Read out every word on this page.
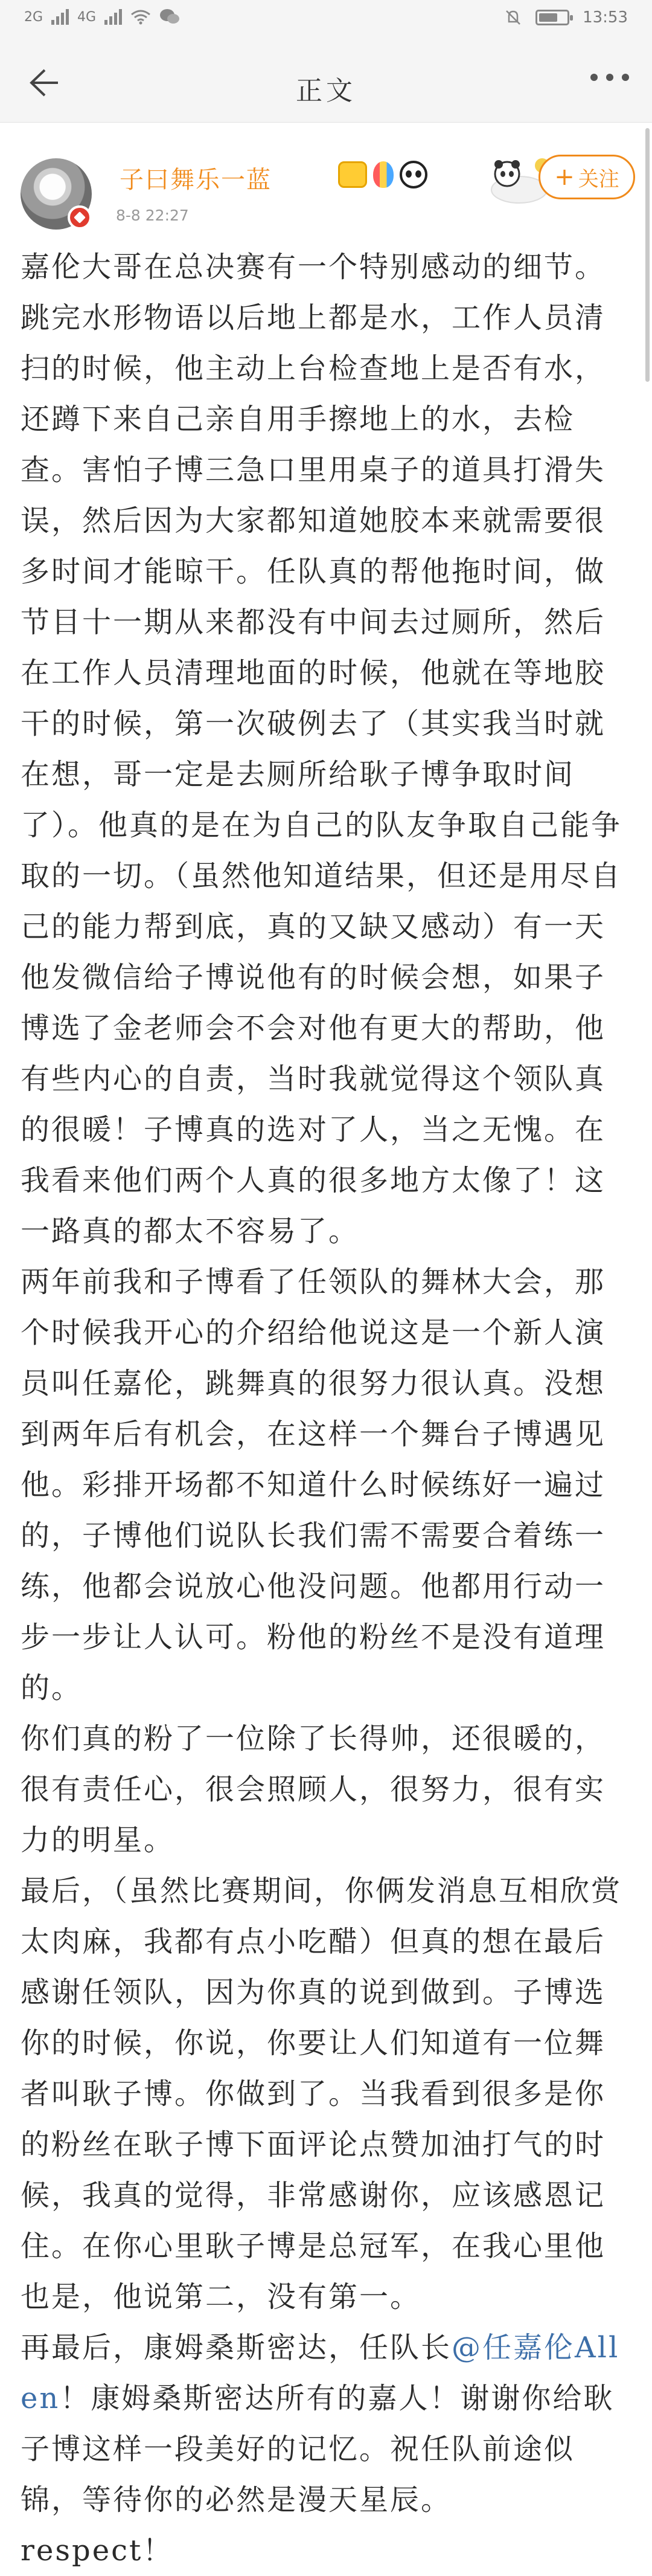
2G	4G	13:53
正文
子曰舞乐一蓝
8-8 22:27
+ 关注

嘉伦大哥在总决赛有一个特别感动的细节。跳完水形物语以后地上都是水，工作人员清扫的时候，他主动上台检查地上是否有水，还蹲下来自己亲自用手擦地上的水，去检查。害怕子博三急口里用桌子的道具打滑失误，然后因为大家都知道她胶本来就需要很多时间才能晾干。任队真的帮他拖时间，做节目十一期从来都没有中间去过厕所，然后在工作人员清理地面的时候，他就在等地胶干的时候，第一次破例去了（其实我当时就在想，哥一定是去厕所给耿子博争取时间了）。他真的是在为自己的队友争取自己能争取的一切。（虽然他知道结果，但还是用尽自己的能力帮到底，真的又缺又感动）有一天他发微信给子博说他有的时候会想，如果子博选了金老师会不会对他有更大的帮助，他有些内心的自责，当时我就觉得这个领队真的很暖！子博真的选对了人，当之无愧。在我看来他们两个人真的很多地方太像了！这一路真的都太不容易了。

两年前我和子博看了任领队的舞林大会，那个时候我开心的介绍给他说这是一个新人演员叫任嘉伦，跳舞真的很努力很认真。没想到两年后有机会，在这样一个舞台子博遇见他。彩排开场都不知道什么时候练好一遍过的，子博他们说队长我们需不需要合着练一练，他都会说放心他没问题。他都用行动一步一步让人认可。粉他的粉丝不是没有道理的。

你们真的粉了一位除了长得帅，还很暖的，很有责任心，很会照顾人，很努力，很有实力的明星。

最后，（虽然比赛期间，你俩发消息互相欣赏太肉麻，我都有点小吃醋）但真的想在最后感谢任领队，因为你真的说到做到。子博选你的时候，你说，你要让人们知道有一位舞者叫耿子博。你做到了。当我看到很多是你的粉丝在耿子博下面评论点赞加油打气的时候，我真的觉得，非常感谢你，应该感恩记住。在你心里耿子博是总冠军，在我心里他也是，他说第二，没有第一。

再最后，康姆桑斯密达，任队长@任嘉伦Allen！康姆桑斯密达所有的嘉人！谢谢你给耿子博这样一段美好的记忆。祝任队前途似锦，等待你的必然是漫天星辰。

respect！
